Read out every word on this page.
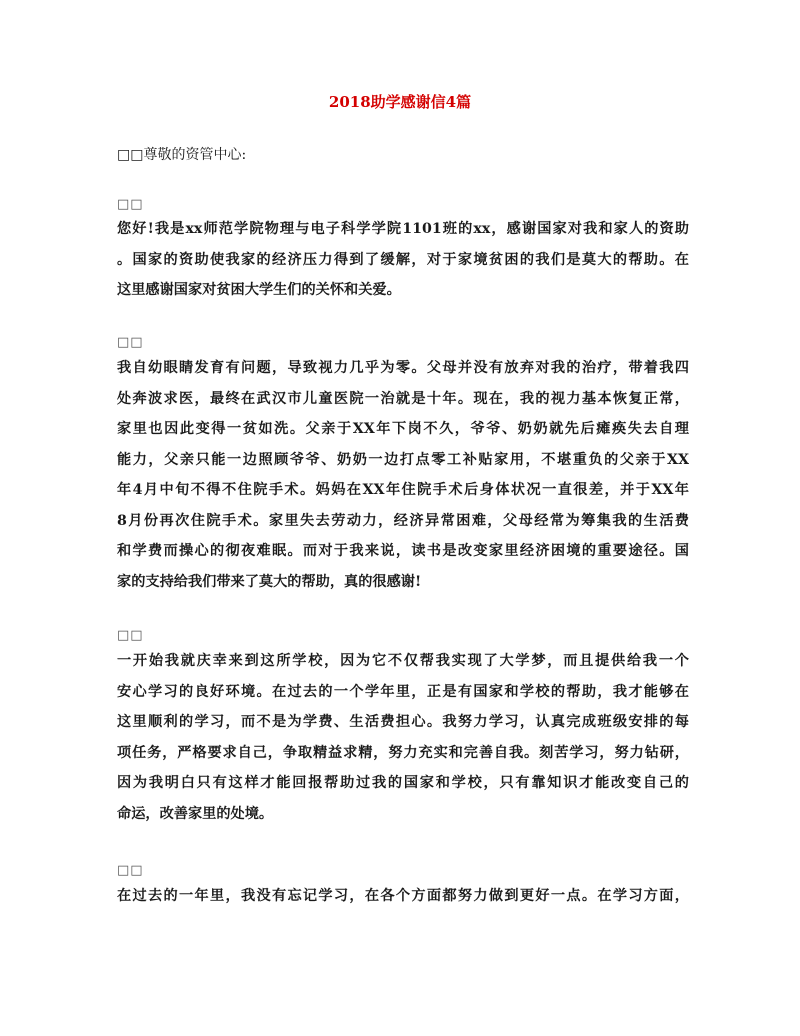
2018助学感谢信4篇
□□尊敬的资管中心:
□□

您好!我是xx师范学院物理与电子科学学院1101班的xx，感谢国家对我和家人的资助
。国家的资助使我家的经济压力得到了缓解，对于家境贫困的我们是莫大的帮助。在
这里感谢国家对贫困大学生们的关怀和关爱。

□□

我自幼眼睛发育有问题，导致视力几乎为零。父母并没有放弃对我的治疗，带着我四
处奔波求医，最终在武汉市儿童医院一治就是十年。现在，我的视力基本恢复正常，
家里也因此变得一贫如洗。父亲于XX年下岗不久，爷爷、奶奶就先后瘫痪失去自理
能力，父亲只能一边照顾爷爷、奶奶一边打点零工补贴家用，不堪重负的父亲于XX
年4月中旬不得不住院手术。妈妈在XX年住院手术后身体状况一直很差，并于XX年
8月份再次住院手术。家里失去劳动力，经济异常困难，父母经常为筹集我的生活费
和学费而操心的彻夜难眠。而对于我来说，读书是改变家里经济困境的重要途径。国
家的支持给我们带来了莫大的帮助，真的很感谢!

□□

一开始我就庆幸来到这所学校，因为它不仅帮我实现了大学梦，而且提供给我一个
安心学习的良好环境。在过去的一个学年里，正是有国家和学校的帮助，我才能够在
这里顺利的学习，而不是为学费、生活费担心。我努力学习，认真完成班级安排的每
项任务，严格要求自己，争取精益求精，努力充实和完善自我。刻苦学习，努力钻研，
因为我明白只有这样才能回报帮助过我的国家和学校，只有靠知识才能改变自己的
命运，改善家里的处境。

□□

在过去的一年里，我没有忘记学习，在各个方面都努力做到更好一点。在学习方面，
